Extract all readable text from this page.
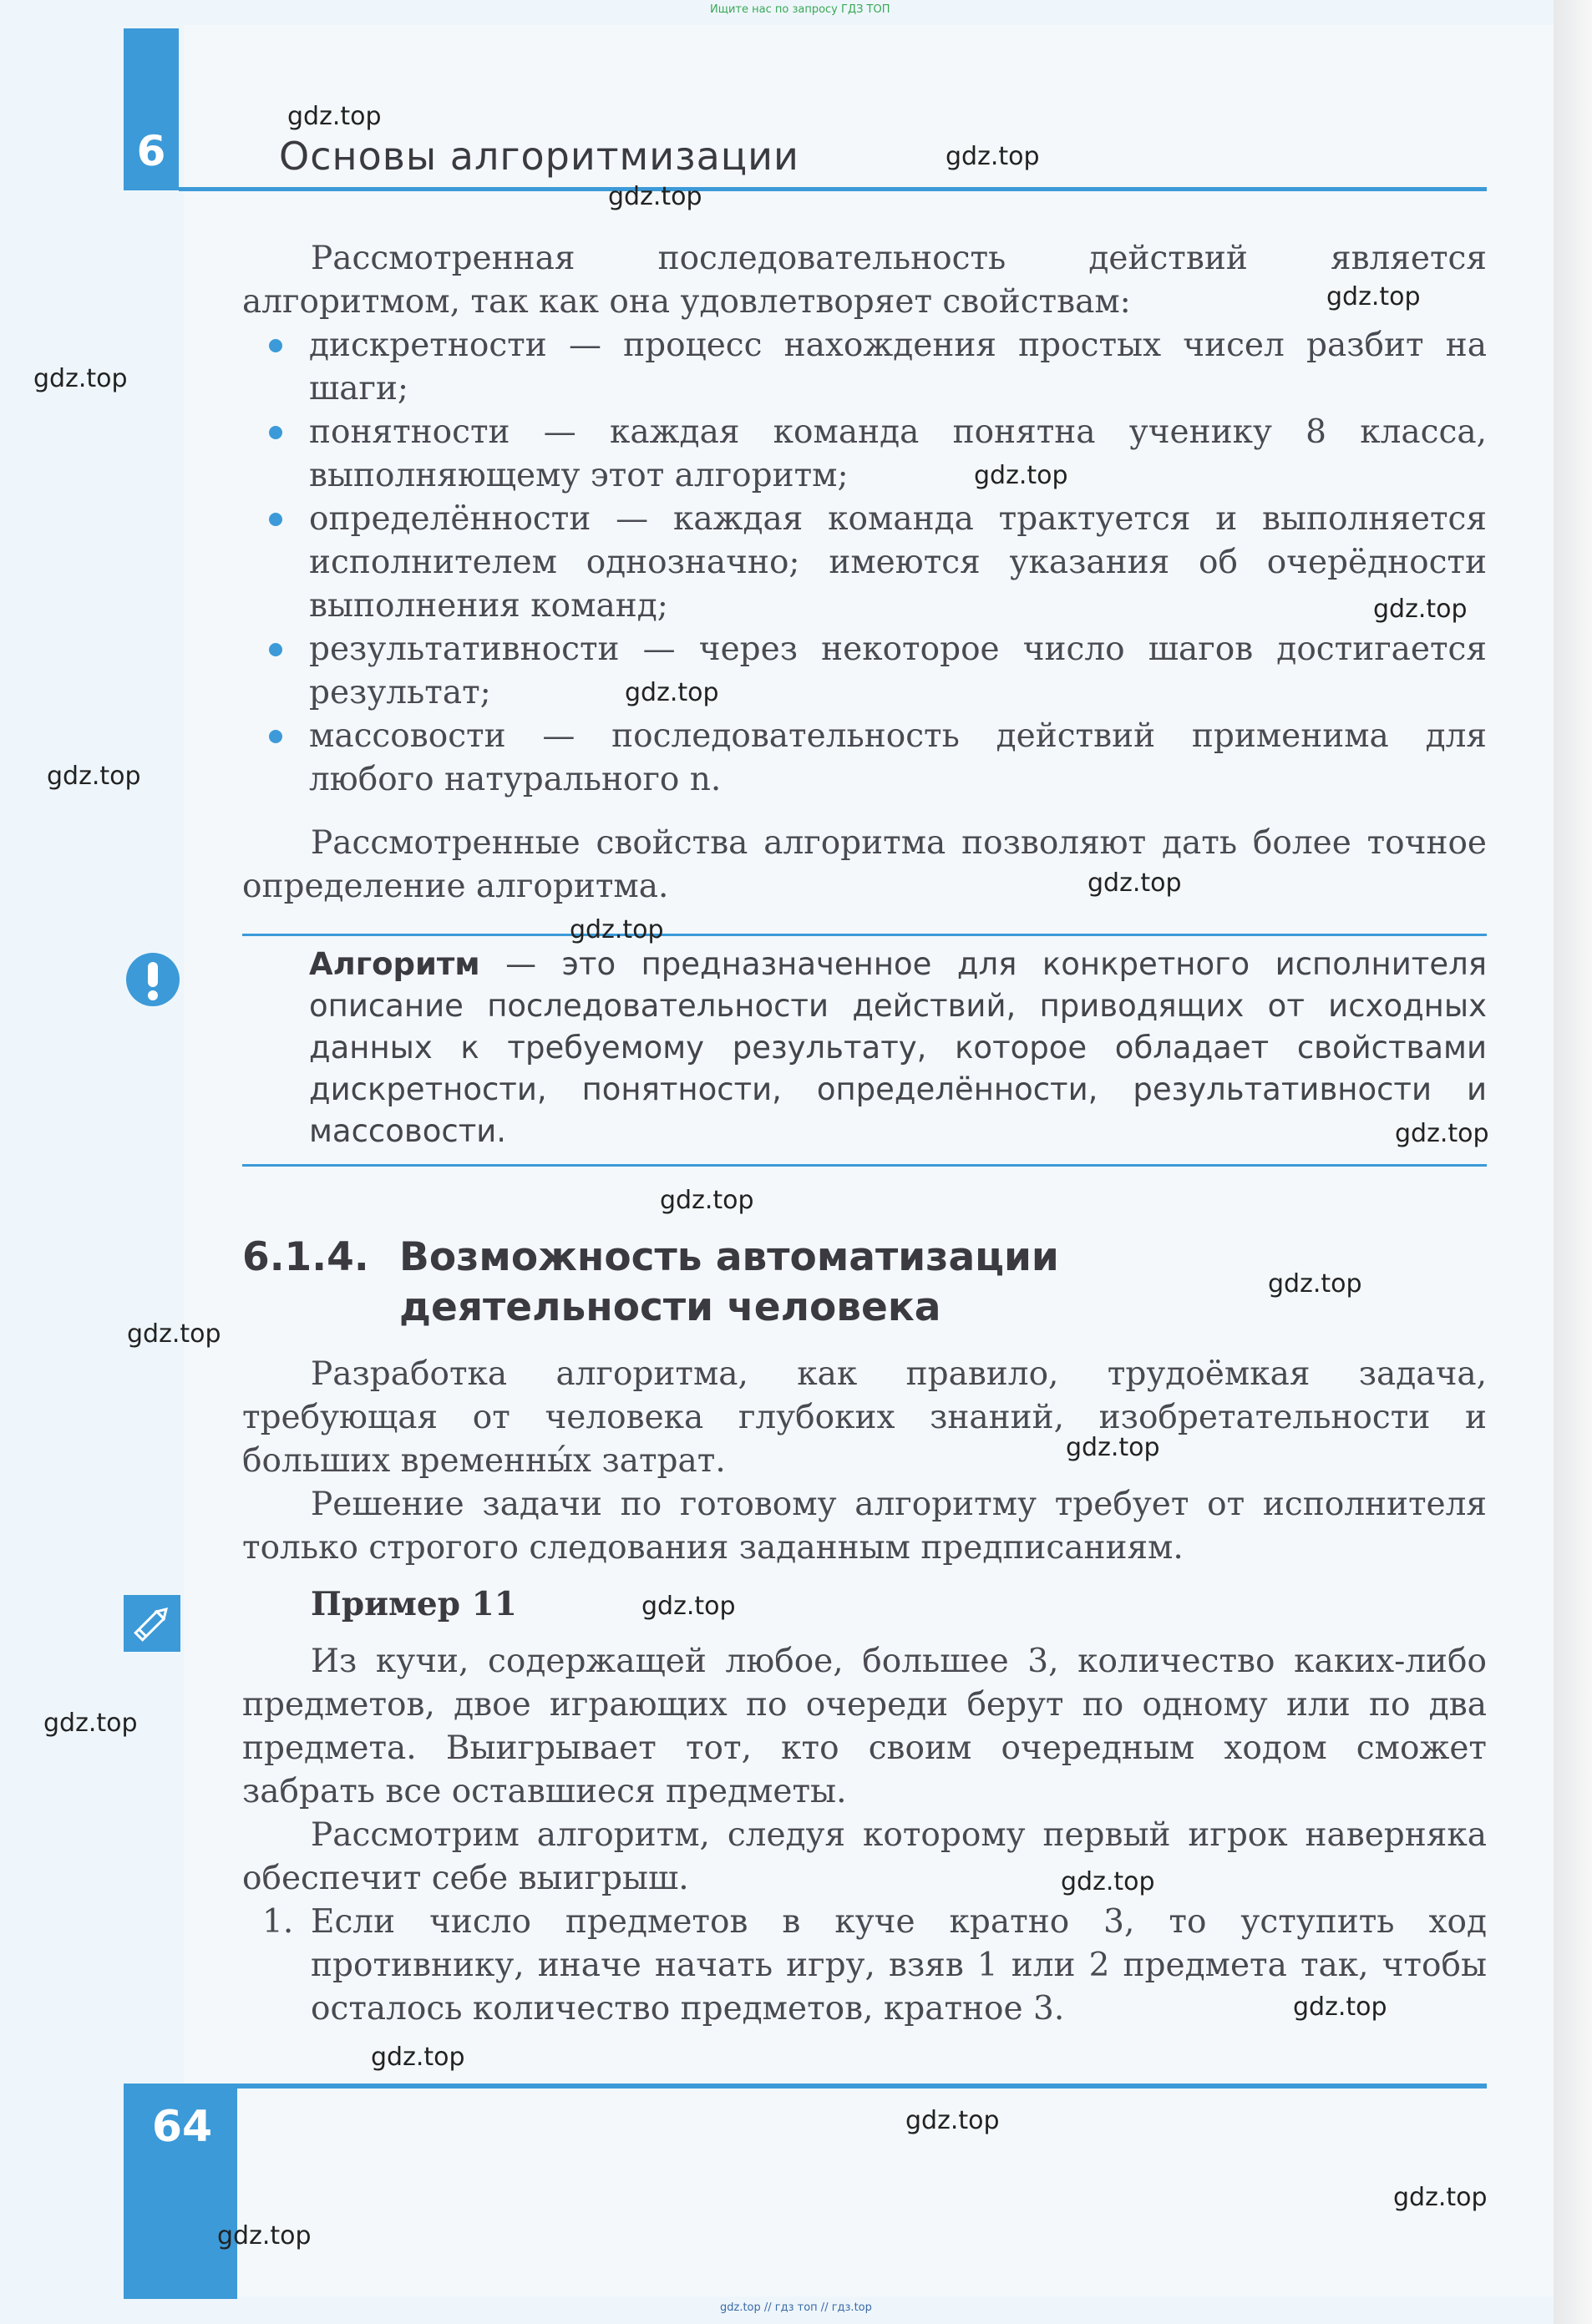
Ищите нас по запросу ГДЗ ТОП
6	Основы алгоритмизации
Рассмотренная последовательность действий является алгоритмом, так как она удовлетворяет свойствам:
дискретности — процесс нахождения простых чисел разбит на шаги;
понятности — каждая команда понятна ученику 8 класса, выполняющему этот алгоритм;
определённости — каждая команда трактуется и выполняется исполнителем однозначно; имеются указания об очерёдности выполнения команд;
результативности — через некоторое число шагов достигается результат;
массовости — последовательность действий применима для любого натурального n.
Рассмотренные свойства алгоритма позволяют дать более точное определение алгоритма.
Алгоритм — это предназначенное для конкретного исполнителя описание последовательности действий, приводящих от исходных данных к требуемому результату, которое обладает свойствами дискретности, понятности, определённости, результативности и массовости.
6.1.4. Возможность автоматизации
деятельности человека
Разработка алгоритма, как правило, трудоёмкая задача, требующая от человека глубоких знаний, изобретательности и больших временны́х затрат.
Решение задачи по готовому алгоритму требует от исполнителя только строгого следования заданным предписаниям.
Пример 11
Из кучи, содержащей любое, большее 3, количество каких-либо предметов, двое играющих по очереди берут по одному или по два предмета. Выигрывает тот, кто своим очередным ходом сможет забрать все оставшиеся предметы.
Рассмотрим алгоритм, следуя которому первый игрок наверняка обеспечит себе выигрыш.
1. Если число предметов в куче кратно 3, то уступить ход противнику, иначе начать игру, взяв 1 или 2 предмета так, чтобы осталось количество предметов, кратное 3.
64
gdz.top
gdz.top
gdz.top
gdz.top
gdz.top
gdz.top
gdz.top
gdz.top
gdz.top
gdz.top
gdz.top
gdz.top
gdz.top
gdz.top
gdz.top
gdz.top
gdz.top
gdz.top
gdz.top
gdz.top
gdz.top
gdz.top
gdz.top
gdz.top
gdz.top // гдз топ // гдз.top
